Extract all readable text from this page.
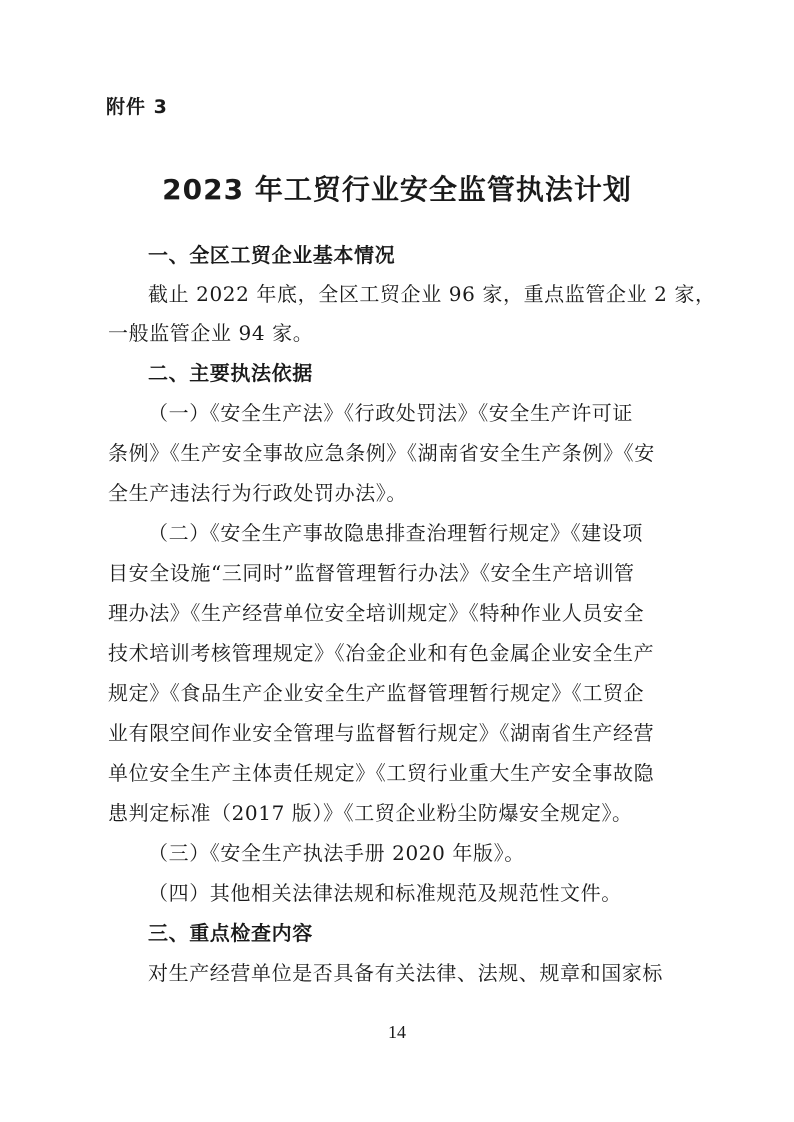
附件 3
2023 年工贸行业安全监管执法计划
一、全区工贸企业基本情况
截止 2022 年底，全区工贸企业 96 家，重点监管企业 2 家，
一般监管企业 94 家。
二、主要执法依据
（一）《安全生产法》《行政处罚法》《安全生产许可证
条例》《生产安全事故应急条例》《湖南省安全生产条例》《安
全生产违法行为行政处罚办法》。
（二）《安全生产事故隐患排查治理暂行规定》《建设项
目安全设施“三同时”监督管理暂行办法》《安全生产培训管
理办法》《生产经营单位安全培训规定》《特种作业人员安全
技术培训考核管理规定》《冶金企业和有色金属企业安全生产
规定》《食品生产企业安全生产监督管理暂行规定》《工贸企
业有限空间作业安全管理与监督暂行规定》《湖南省生产经营
单位安全生产主体责任规定》《工贸行业重大生产安全事故隐
患判定标准（2017 版）》《工贸企业粉尘防爆安全规定》。
（三）《安全生产执法手册 2020 年版》。
（四）其他相关法律法规和标准规范及规范性文件。
三、重点检查内容
对生产经营单位是否具备有关法律、法规、规章和国家标
14
